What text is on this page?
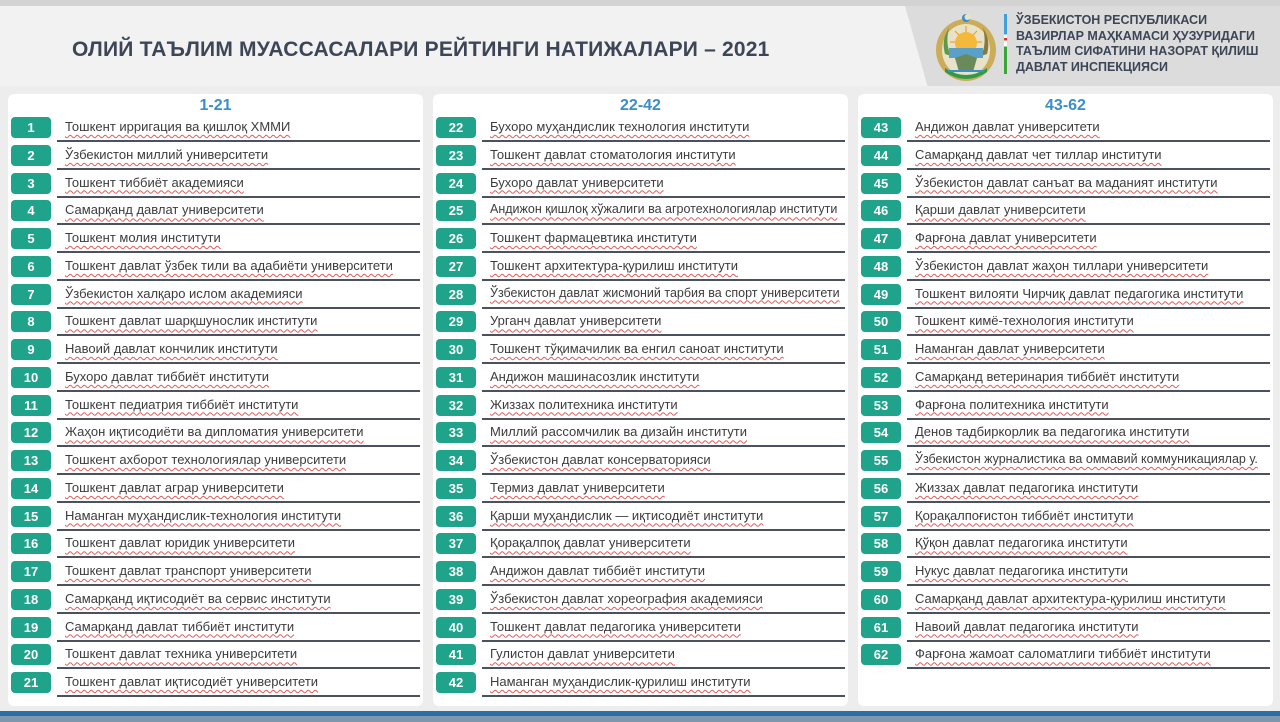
ОЛИЙ ТАЪЛИМ МУАССАСАЛАРИ РЕЙТИНГИ НАТИЖАЛАРИ – 2021
ЎЗБЕКИСТОН РЕСПУБЛИКАСИ
ВАЗИРЛАР МАҲКАМАСИ ҲУЗУРИДАГИ
ТАЪЛИМ СИФАТИНИ НАЗОРАТ ҚИЛИШ
ДАВЛАТ ИНСПЕКЦИЯСИ
1-21
1	Тошкент ирригация ва қишлоқ ХММИ
2	Ўзбекистон миллий университети
3	Тошкент тиббиёт академияси
4	Самарқанд давлат университети
5	Тошкент молия институти
6	Тошкент давлат ўзбек тили ва адабиёти университети
7	Ўзбекистон халқаро ислом академияси
8	Тошкент давлат шарқшунослик институти
9	Навоий давлат кончилик институти
10	Бухоро давлат тиббиёт институти
11	Тошкент педиатрия тиббиёт институти
12	Жаҳон иқтисодиёти ва дипломатия университети
13	Тошкент ахборот технологиялар университети
14	Тошкент давлат аграр университети
15	Наманган муҳандислик-технология институти
16	Тошкент давлат юридик университети
17	Тошкент давлат транспорт университети
18	Самарқанд иқтисодиёт ва сервис институти
19	Самарқанд давлат тиббиёт институти
20	Тошкент давлат техника университети
21	Тошкент давлат иқтисодиёт университети
22-42
22	Бухоро муҳандислик технология институти
23	Тошкент давлат стоматология институти
24	Бухоро давлат университети
25	Андижон қишлоқ хўжалиги ва агротехнологиялар институти
26	Тошкент фармацевтика институти
27	Тошкент архитектура-қурилиш институти
28	Ўзбекистон давлат жисмоний тарбия ва спорт университети
29	Урганч давлат университети
30	Тошкент тўқимачилик ва енгил саноат институти
31	Андижон машинасозлик институти
32	Жиззах политехника институти
33	Миллий рассомчилик ва дизайн институти
34	Ўзбекистон давлат консерваторияси
35	Термиз давлат университети
36	Қарши муҳандислик — иқтисодиёт институти
37	Қорақалпоқ давлат университети
38	Андижон давлат тиббиёт институти
39	Ўзбекистон давлат хореография академияси
40	Тошкент давлат педагогика университети
41	Гулистон давлат университети
42	Наманган муҳандислик-қурилиш институти
43-62
43	Андижон давлат университети
44	Самарқанд давлат чет тиллар институти
45	Ўзбекистон давлат санъат ва маданият институти
46	Қарши давлат университети
47	Фарғона давлат университети
48	Ўзбекистон давлат жаҳон тиллари университети
49	Тошкент вилояти Чирчиқ давлат педагогика институти
50	Тошкент кимё-технология институти
51	Наманган давлат университети
52	Самарқанд ветеринария тиббиёт институти
53	Фарғона политехника институти
54	Денов тадбиркорлик ва педагогика институти
55	Ўзбекистон журналистика ва оммавий коммуникациялар у.
56	Жиззах давлат педагогика институти
57	Қорақалпоғистон тиббиёт институти
58	Қўқон давлат педагогика институти
59	Нукус давлат педагогика институти
60	Самарқанд давлат архитектура-қурилиш институти
61	Навоий давлат педагогика институти
62	Фарғона жамоат саломатлиги тиббиёт институти
